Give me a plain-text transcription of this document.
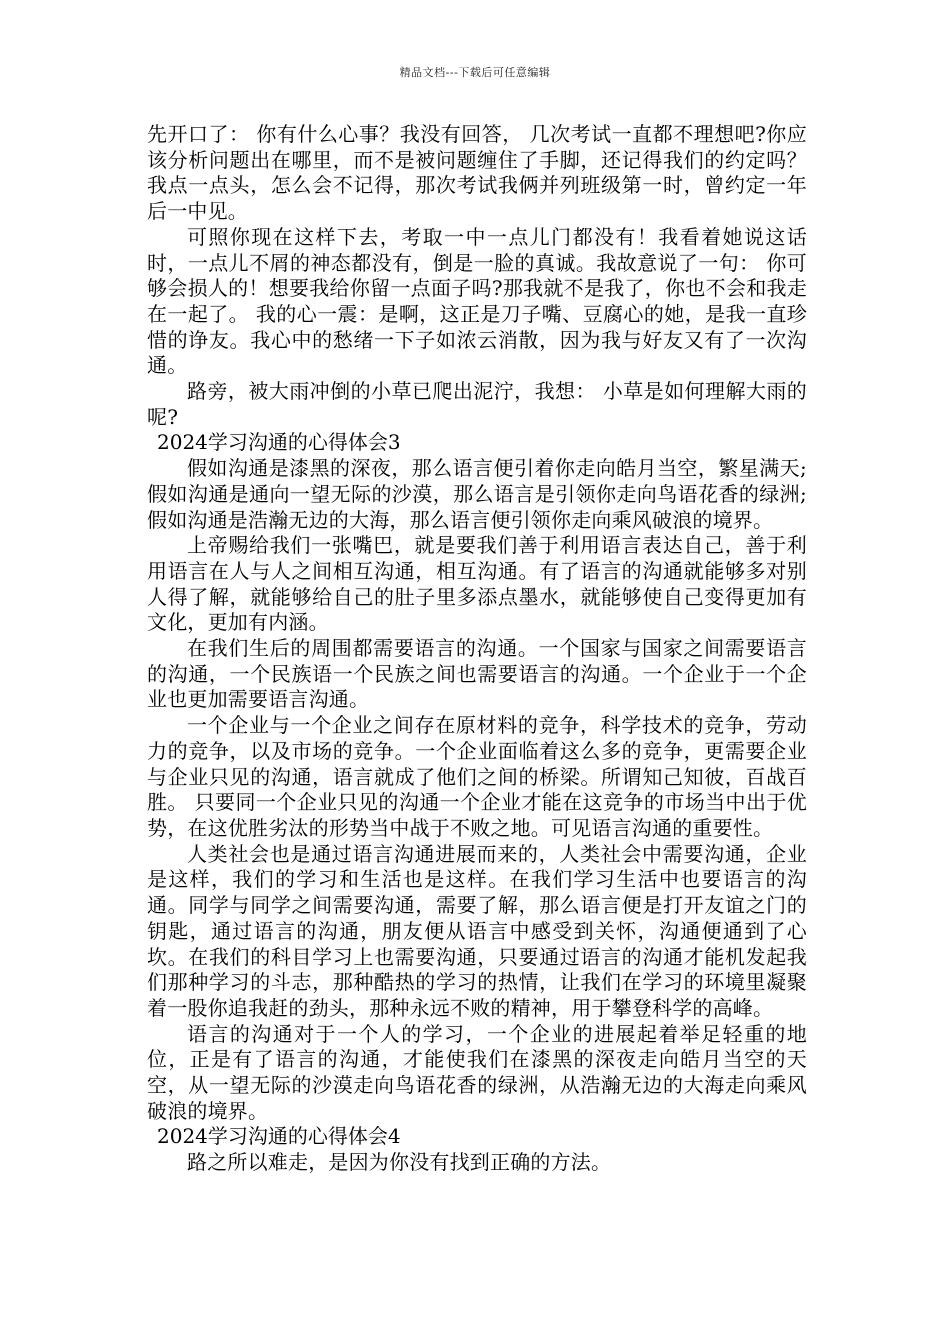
精品文档---下载后可任意编辑

先开口了： 你有什么心事？我没有回答， 几次考试一直都不理想吧?你应该分析问题出在哪里，而不是被问题缠住了手脚，还记得我们的约定吗？我点一点头，怎么会不记得，那次考试我俩并列班级第一时，曾约定一年后一中见。

可照你现在这样下去，考取一中一点儿门都没有！我看着她说这话时，一点儿不屑的神态都没有，倒是一脸的真诚。我故意说了一句： 你可够会损人的！想要我给你留一点面子吗?那我就不是我了，你也不会和我走在一起了。 我的心一震：是啊，这正是刀子嘴、豆腐心的她，是我一直珍惜的诤友。我心中的愁绪一下子如浓云消散，因为我与好友又有了一次沟通。

路旁，被大雨冲倒的小草已爬出泥泞，我想： 小草是如何理解大雨的呢?

2024学习沟通的心得体会3

假如沟通是漆黑的深夜，那么语言便引着你走向皓月当空，繁星满天;假如沟通是通向一望无际的沙漠，那么语言是引领你走向鸟语花香的绿洲;假如沟通是浩瀚无边的大海，那么语言便引领你走向乘风破浪的境界。

上帝赐给我们一张嘴巴，就是要我们善于利用语言表达自己，善于利用语言在人与人之间相互沟通，相互沟通。有了语言的沟通就能够多对别人得了解，就能够给自己的肚子里多添点墨水，就能够使自己变得更加有文化，更加有内涵。

在我们生后的周围都需要语言的沟通。一个国家与国家之间需要语言的沟通，一个民族语一个民族之间也需要语言的沟通。一个企业于一个企业也更加需要语言沟通。

一个企业与一个企业之间存在原材料的竞争，科学技术的竞争，劳动力的竞争，以及市场的竞争。一个企业面临着这么多的竞争，更需要企业与企业只见的沟通，语言就成了他们之间的桥梁。所谓知己知彼，百战百胜。 只要同一个企业只见的沟通一个企业才能在这竞争的市场当中出于优势，在这优胜劣汰的形势当中战于不败之地。可见语言沟通的重要性。

人类社会也是通过语言沟通进展而来的，人类社会中需要沟通，企业是这样，我们的学习和生活也是这样。在我们学习生活中也要语言的沟通。同学与同学之间需要沟通，需要了解，那么语言便是打开友谊之门的钥匙，通过语言的沟通，朋友便从语言中感受到关怀，沟通便通到了心坎。在我们的科目学习上也需要沟通，只要通过语言的沟通才能机发起我们那种学习的斗志，那种酷热的学习的热情，让我们在学习的环境里凝聚着一股你追我赶的劲头，那种永远不败的精神，用于攀登科学的高峰。

语言的沟通对于一个人的学习，一个企业的进展起着举足轻重的地位，正是有了语言的沟通，才能使我们在漆黑的深夜走向皓月当空的天空，从一望无际的沙漠走向鸟语花香的绿洲，从浩瀚无边的大海走向乘风破浪的境界。

2024学习沟通的心得体会4

路之所以难走，是因为你没有找到正确的方法。
